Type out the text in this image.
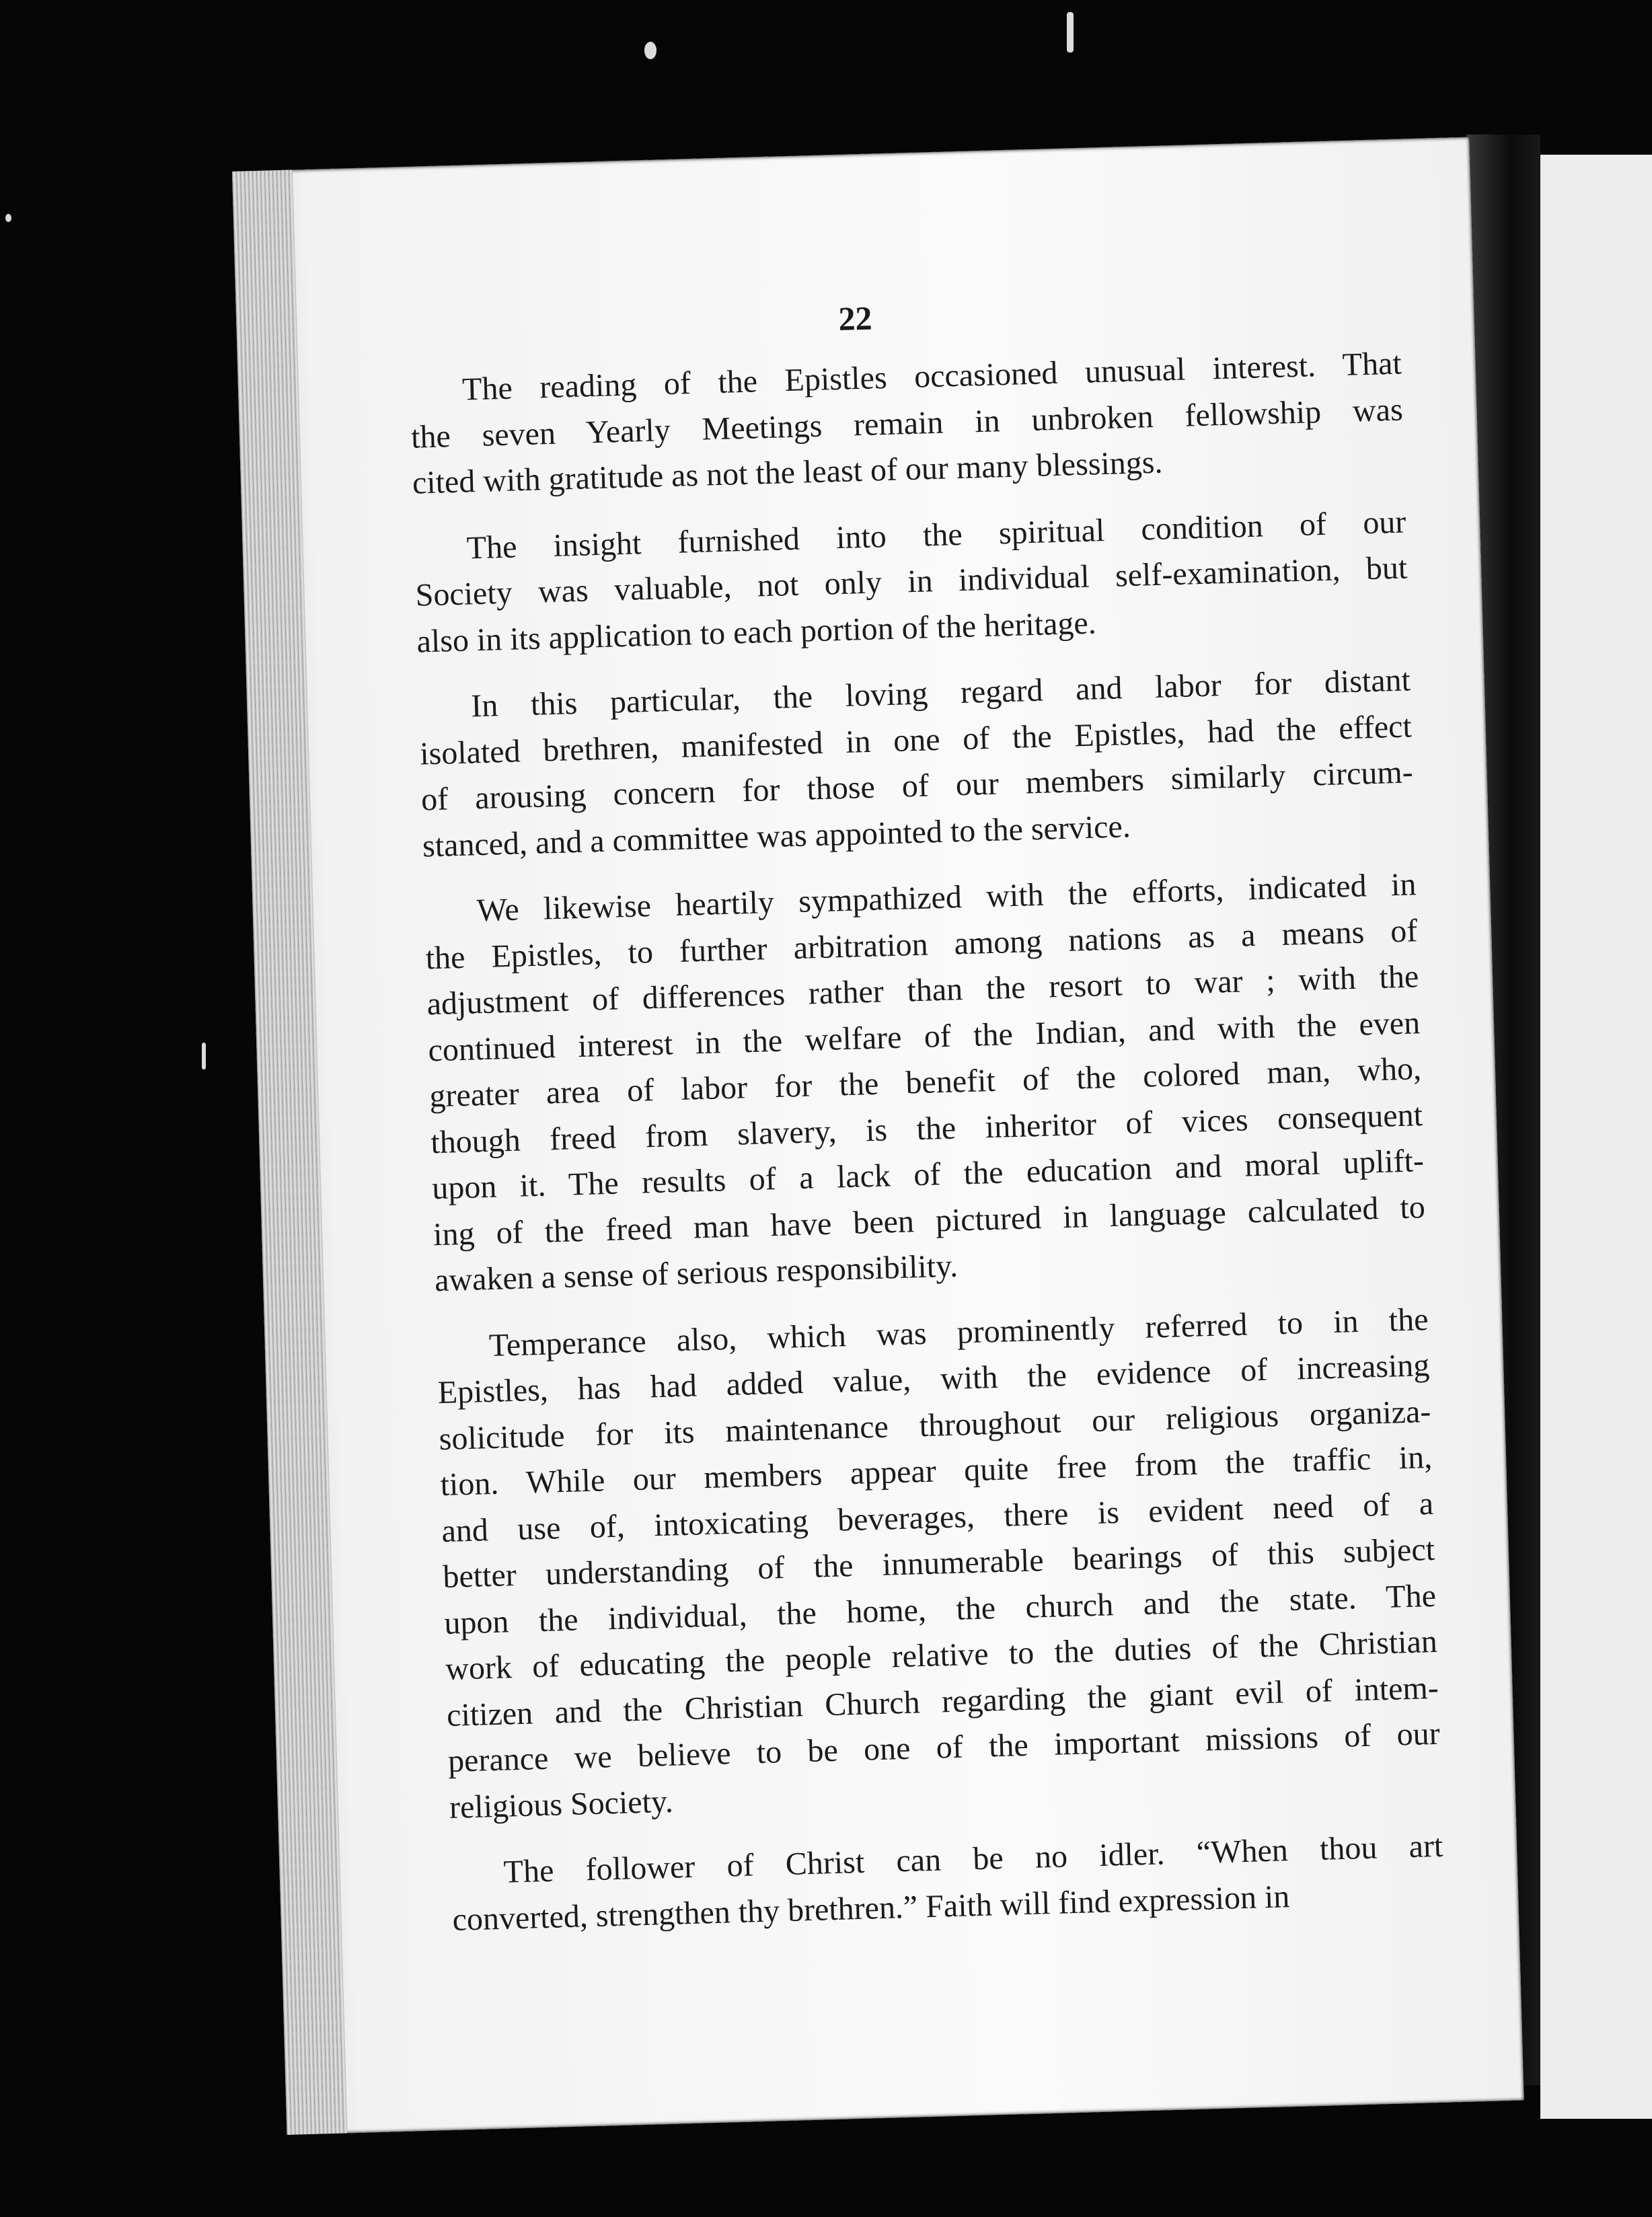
22
The reading of the Epistles occasioned unusual interest. That
the seven Yearly Meetings remain in unbroken fellowship was
cited with gratitude as not the least of our many blessings.
The insight furnished into the spiritual condition of our
Society was valuable, not only in individual self-examination, but
also in its application to each portion of the heritage.
In this particular, the loving regard and labor for distant
isolated brethren, manifested in one of the Epistles, had the effect
of arousing concern for those of our members similarly circum-
stanced, and a committee was appointed to the service.
We likewise heartily sympathized with the efforts, indicated in
the Epistles, to further arbitration among nations as a means of
adjustment of differences rather than the resort to war ; with the
continued interest in the welfare of the Indian, and with the even
greater area of labor for the benefit of the colored man, who,
though freed from slavery, is the inheritor of vices consequent
upon it. The results of a lack of the education and moral uplift-
ing of the freed man have been pictured in language calculated to
awaken a sense of serious responsibility.
Temperance also, which was prominently referred to in the
Epistles, has had added value, with the evidence of increasing
solicitude for its maintenance throughout our religious organiza-
tion. While our members appear quite free from the traffic in,
and use of, intoxicating beverages, there is evident need of a
better understanding of the innumerable bearings of this subject
upon the individual, the home, the church and the state. The
work of educating the people relative to the duties of the Christian
citizen and the Christian Church regarding the giant evil of intem-
perance we believe to be one of the important missions of our
religious Society.
The follower of Christ can be no idler. “When thou art
converted, strengthen thy brethren.” Faith will find expression in
